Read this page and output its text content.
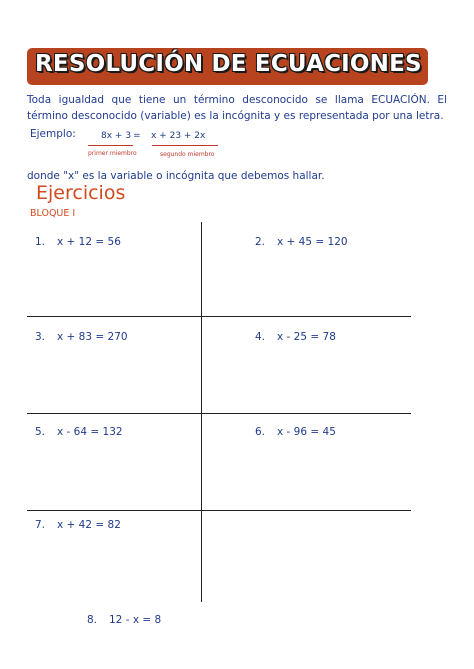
RESOLUCIÓN DE ECUACIONES

Toda igualdad que tiene un término desconocido se llama ECUACIÓN. El término desconocido (variable) es la incógnita y es representada por una letra.

Ejemplo:	8x + 3 = x + 23 + 2x
primer miembro	segundo miembro

donde "x" es la variable o incógnita que debemos hallar.

Ejercicios
BLOQUE I
1. x + 12 = 56	2. x + 45 = 120
3. x + 83 = 270	4. x - 25 = 78
5. x - 64 = 132	6. x - 96 = 45
7. x + 42 = 82
8. 12 - x = 8
